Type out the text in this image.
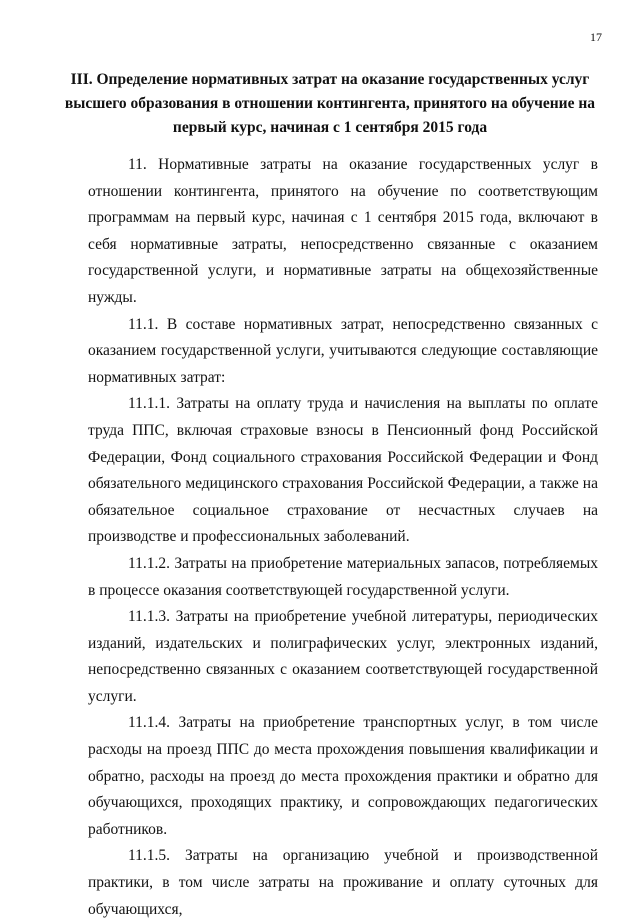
17
III. Определение нормативных затрат на оказание государственных услуг высшего образования в отношении контингента, принятого на обучение на первый курс, начиная с 1 сентября 2015 года

11. Нормативные затраты на оказание государственных услуг в отношении контингента, принятого на обучение по соответствующим программам на первый курс, начиная с 1 сентября 2015 года, включают в себя нормативные затраты, непосредственно связанные с оказанием государственной услуги, и нормативные затраты на общехозяйственные нужды.

11.1. В составе нормативных затрат, непосредственно связанных с оказанием государственной услуги, учитываются следующие составляющие нормативных затрат:

11.1.1. Затраты на оплату труда и начисления на выплаты по оплате труда ППС, включая страховые взносы в Пенсионный фонд Российской Федерации, Фонд социального страхования Российской Федерации и Фонд обязательного медицинского страхования Российской Федерации, а также на обязательное социальное страхование от несчастных случаев на производстве и профессиональных заболеваний.

11.1.2. Затраты на приобретение материальных запасов, потребляемых в процессе оказания соответствующей государственной услуги.

11.1.3. Затраты на приобретение учебной литературы, периодических изданий, издательских и полиграфических услуг, электронных изданий, непосредственно связанных с оказанием соответствующей государственной услуги.

11.1.4. Затраты на приобретение транспортных услуг, в том числе расходы на проезд ППС до места прохождения повышения квалификации и обратно, расходы на проезд до места прохождения практики и обратно для обучающихся, проходящих практику, и сопровождающих педагогических работников.

11.1.5. Затраты на организацию учебной и производственной практики, в том числе затраты на проживание и оплату суточных для обучающихся,
